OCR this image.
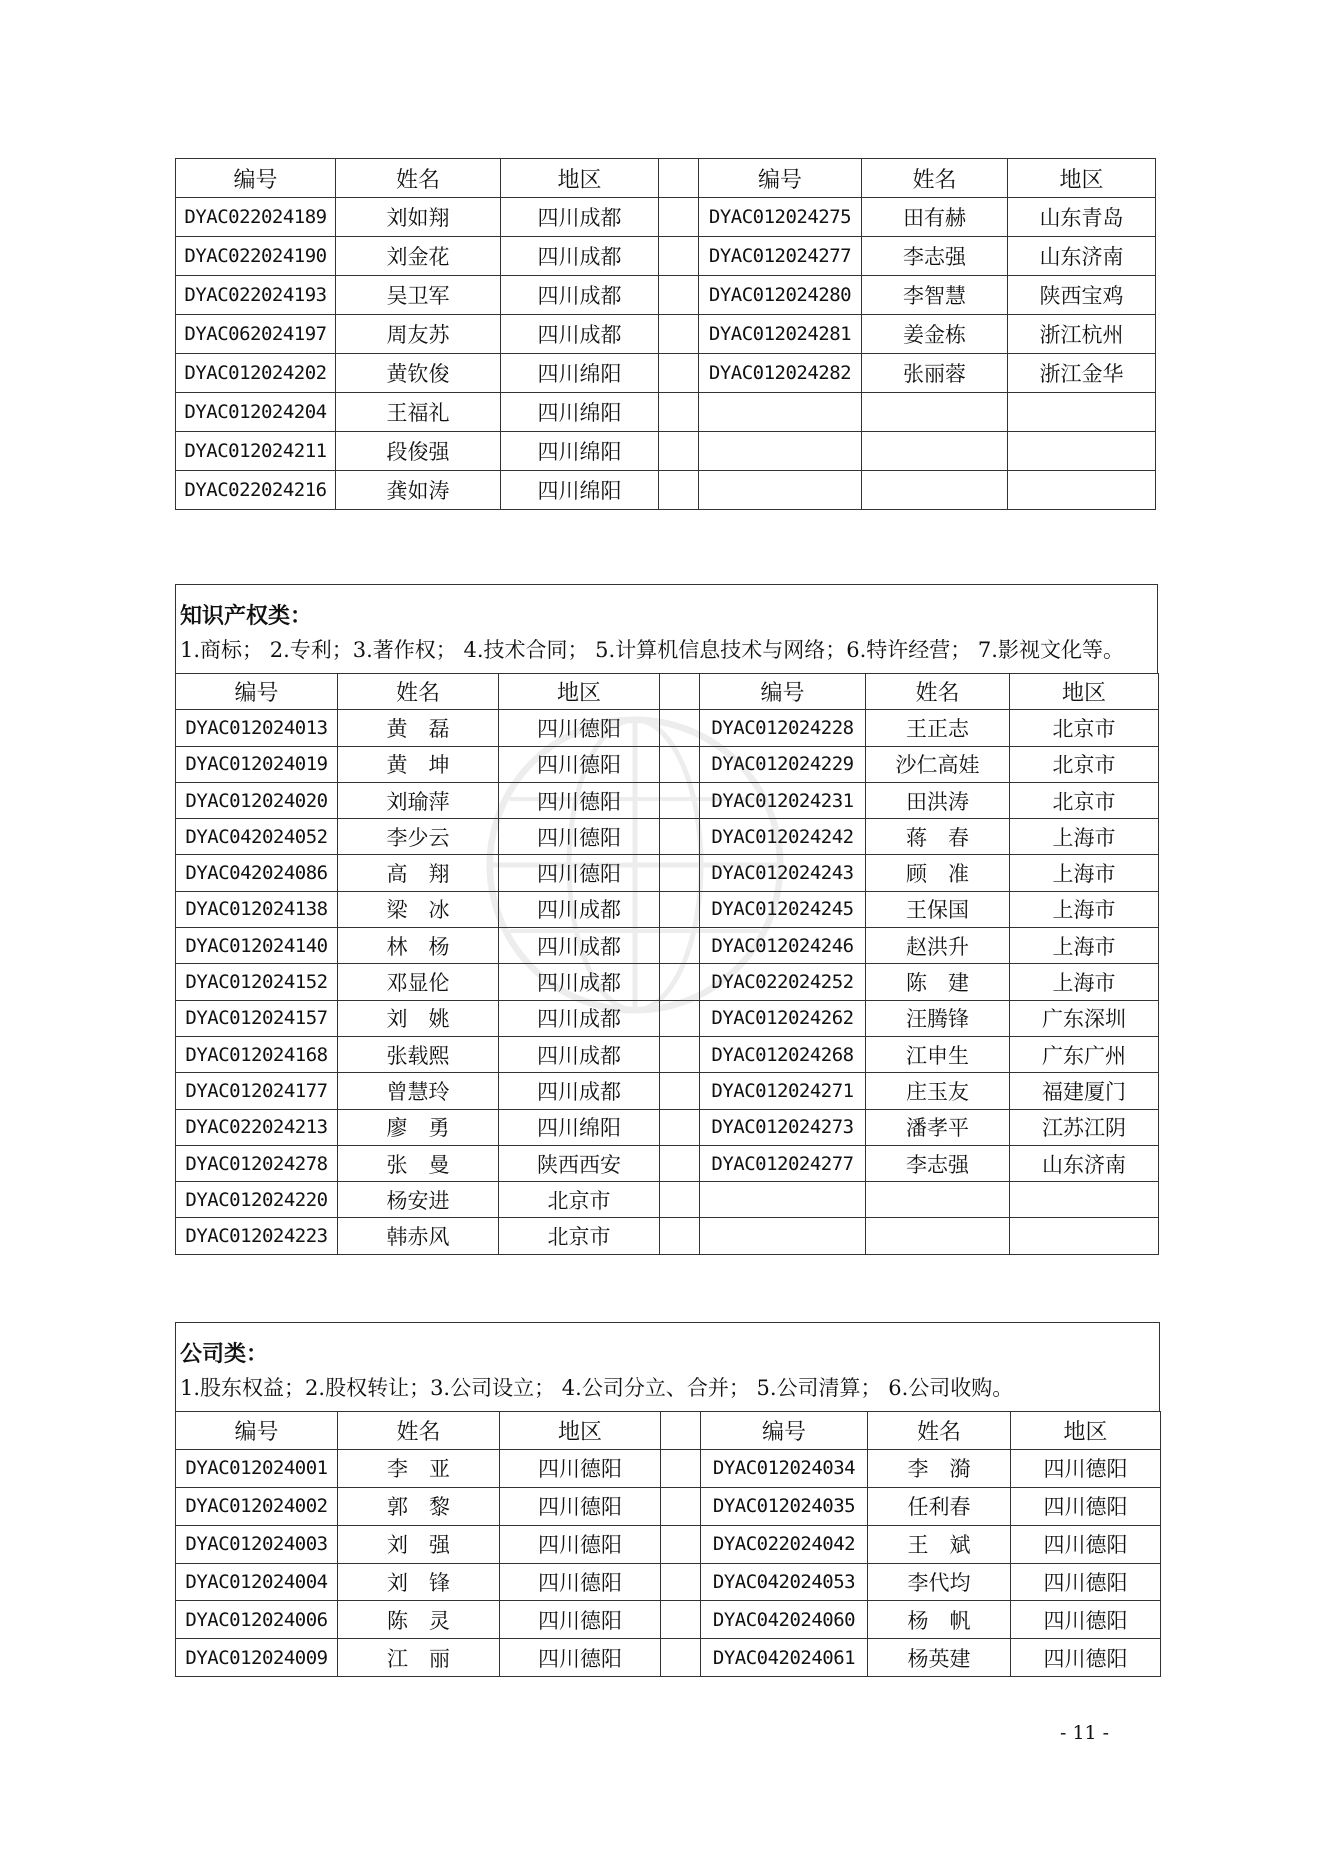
编号	姓名	地区		编号	姓名	地区
DYAC022024189	刘如翔	四川成都		DYAC012024275	田有赫	山东青岛
DYAC022024190	刘金花	四川成都		DYAC012024277	李志强	山东济南
DYAC022024193	吴卫军	四川成都		DYAC012024280	李智慧	陕西宝鸡
DYAC062024197	周友苏	四川成都		DYAC012024281	姜金栋	浙江杭州
DYAC012024202	黄钦俊	四川绵阳		DYAC012024282	张丽蓉	浙江金华
DYAC012024204	王福礼	四川绵阳				
DYAC012024211	段俊强	四川绵阳				
DYAC022024216	龚如涛	四川绵阳				
知识产权类：
1.商标； 2.专利；3.著作权； 4.技术合同； 5.计算机信息技术与网络；6.特许经营； 7.影视文化等。
编号	姓名	地区		编号	姓名	地区
DYAC012024013	黄　磊	四川德阳		DYAC012024228	王正志	北京市
DYAC012024019	黄　坤	四川德阳		DYAC012024229	沙仁高娃	北京市
DYAC012024020	刘瑜萍	四川德阳		DYAC012024231	田洪涛	北京市
DYAC042024052	李少云	四川德阳		DYAC012024242	蒋　春	上海市
DYAC042024086	高　翔	四川德阳		DYAC012024243	顾　准	上海市
DYAC012024138	梁　冰	四川成都		DYAC012024245	王保国	上海市
DYAC012024140	林　杨	四川成都		DYAC012024246	赵洪升	上海市
DYAC012024152	邓显伦	四川成都		DYAC022024252	陈　建	上海市
DYAC012024157	刘　姚	四川成都		DYAC012024262	汪腾锋	广东深圳
DYAC012024168	张载熙	四川成都		DYAC012024268	江申生	广东广州
DYAC012024177	曾慧玲	四川成都		DYAC012024271	庄玉友	福建厦门
DYAC022024213	廖　勇	四川绵阳		DYAC012024273	潘孝平	江苏江阴
DYAC012024278	张　曼	陕西西安		DYAC012024277	李志强	山东济南
DYAC012024220	杨安进	北京市				
DYAC012024223	韩赤风	北京市				
公司类：
1.股东权益；2.股权转让；3.公司设立； 4.公司分立、合并； 5.公司清算； 6.公司收购。
编号	姓名	地区		编号	姓名	地区
DYAC012024001	李　亚	四川德阳		DYAC012024034	李　漪	四川德阳
DYAC012024002	郭　黎	四川德阳		DYAC012024035	任利春	四川德阳
DYAC012024003	刘　强	四川德阳		DYAC022024042	王　斌	四川德阳
DYAC012024004	刘　锋	四川德阳		DYAC042024053	李代均	四川德阳
DYAC012024006	陈　灵	四川德阳		DYAC042024060	杨　帆	四川德阳
DYAC012024009	江　丽	四川德阳		DYAC042024061	杨英建	四川德阳
- 11 -
